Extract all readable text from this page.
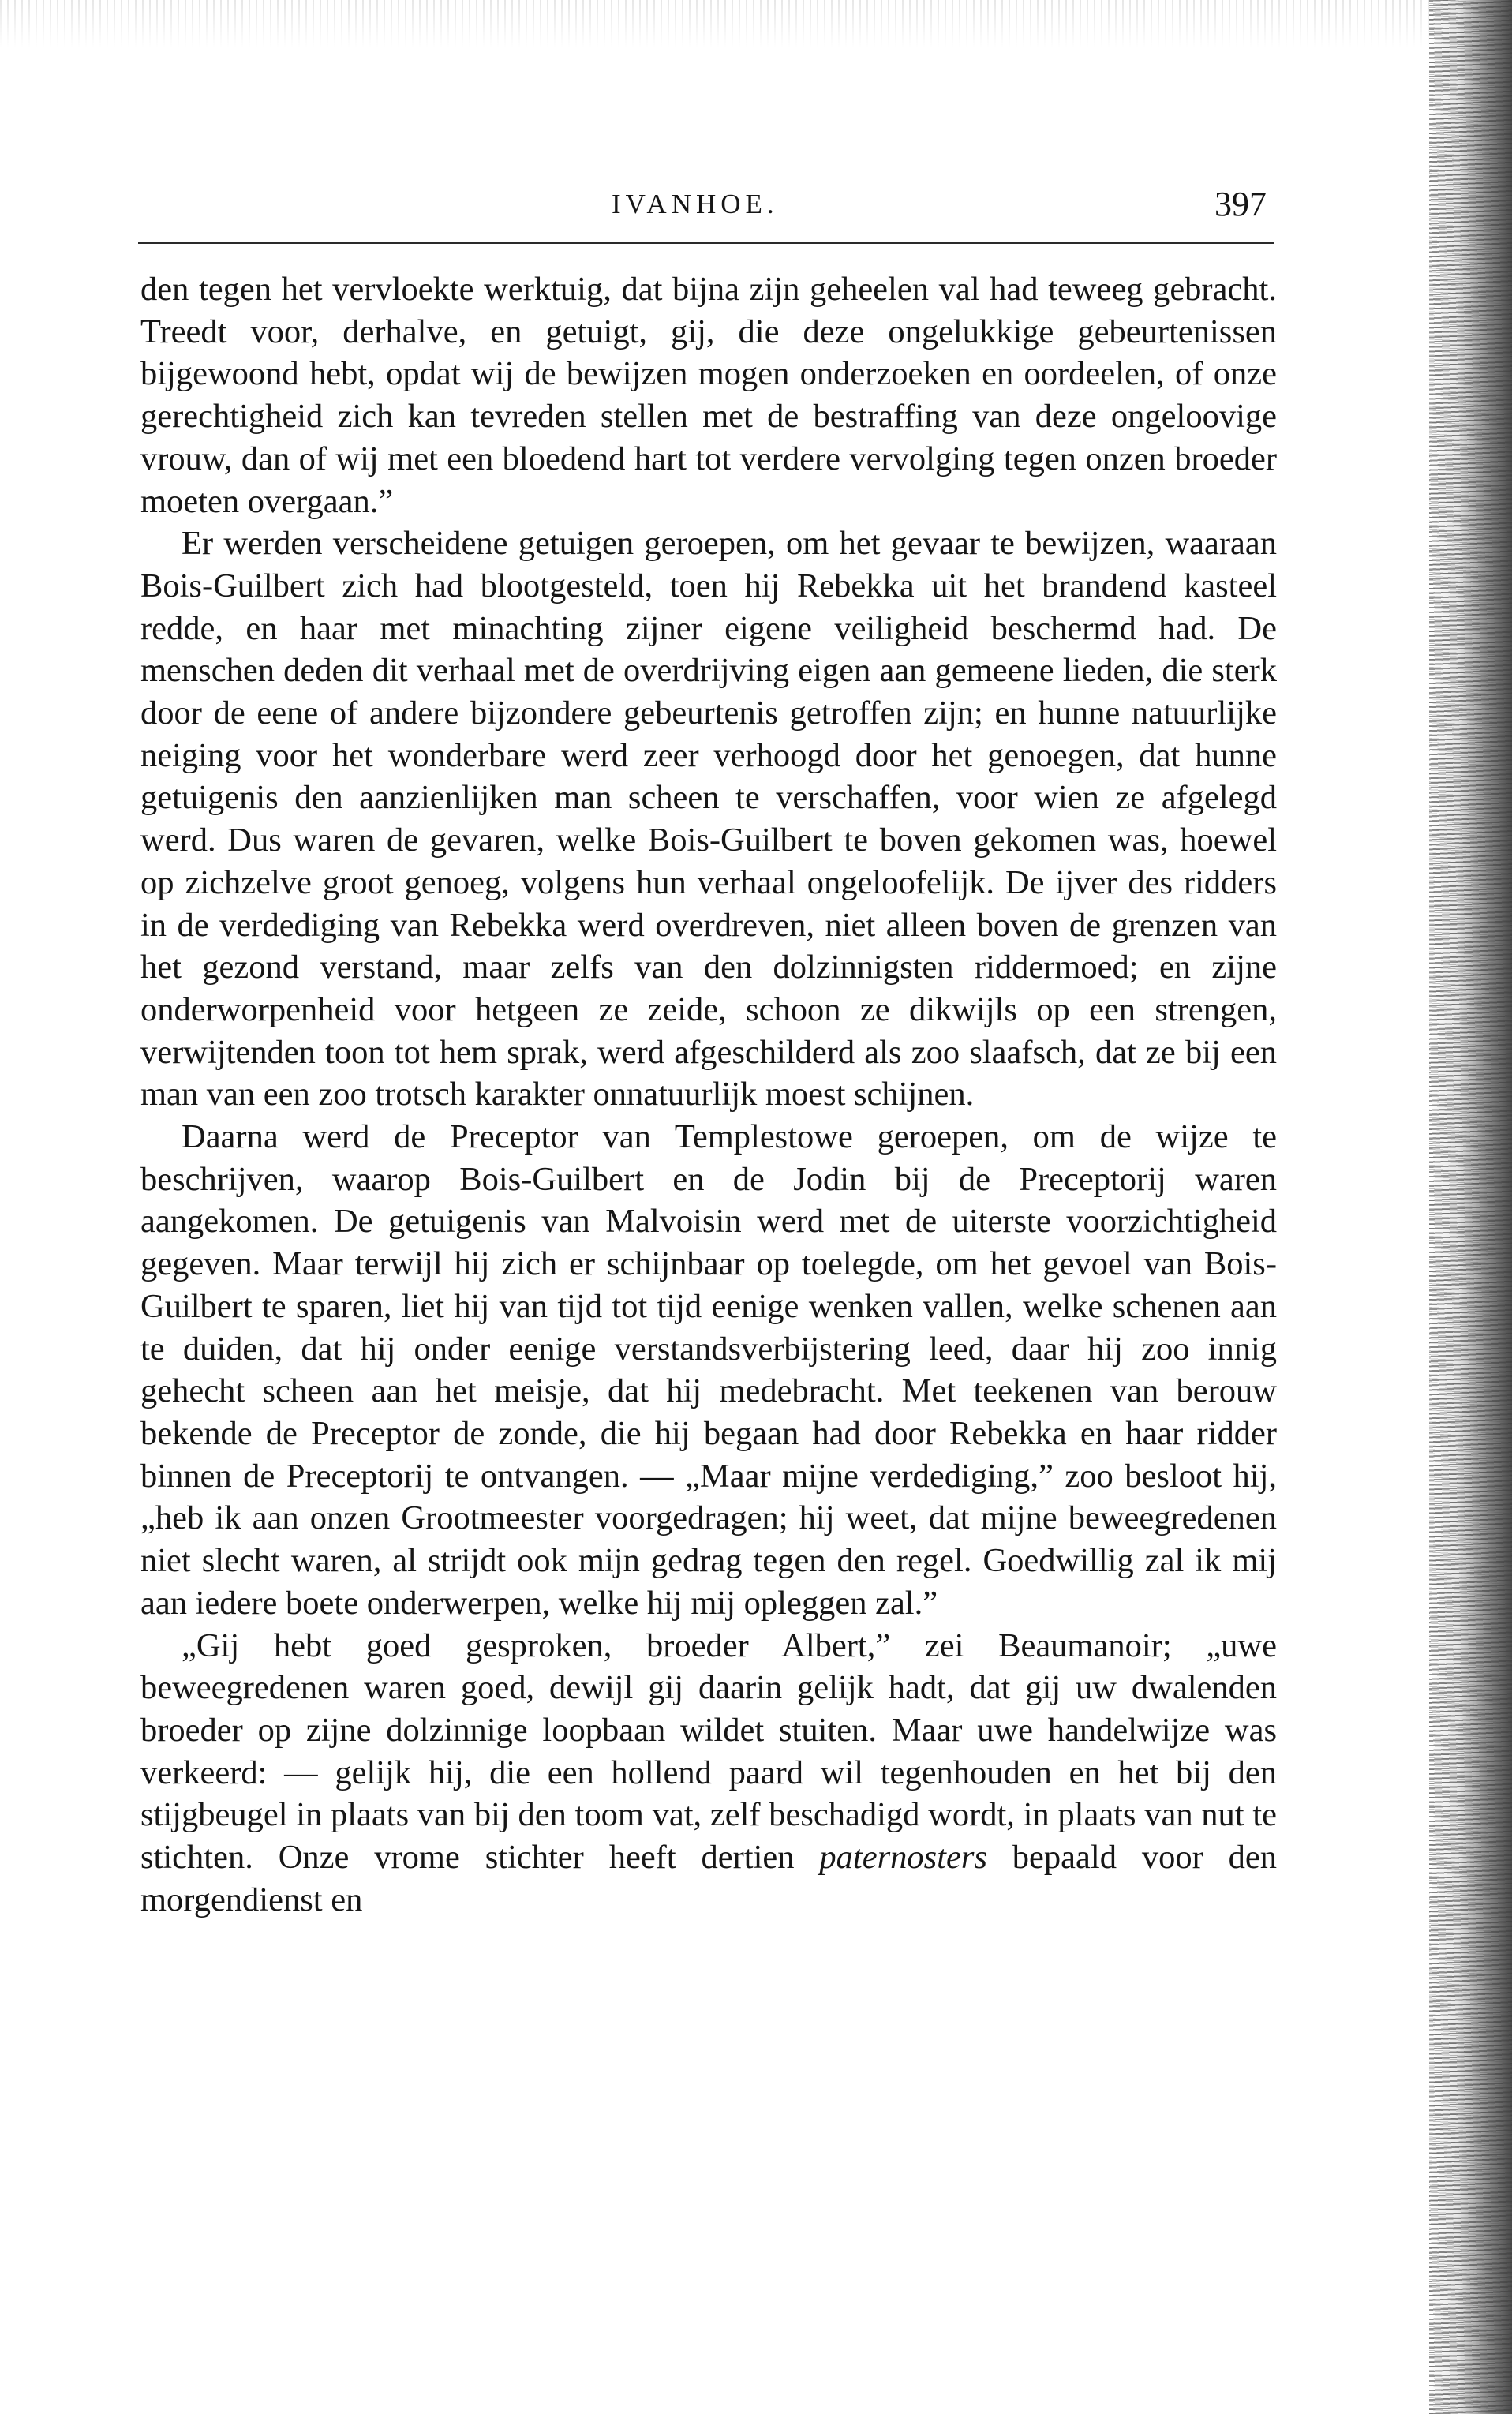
IVANHOE.	397

den tegen het vervloekte werktuig, dat bijna zijn geheelen val had teweeg gebracht. Treedt voor, derhalve, en getuigt, gij, die deze ongelukkige gebeurtenissen bijgewoond hebt, opdat wij de bewijzen mogen onderzoeken en oordeelen, of onze gerechtigheid zich kan tevreden stellen met de bestraffing van deze ongeloovige vrouw, dan of wij met een bloedend hart tot verdere vervolging tegen onzen broeder moeten overgaan.”

Er werden verscheidene getuigen geroepen, om het gevaar te bewijzen, waaraan Bois-Guilbert zich had blootgesteld, toen hij Rebekka uit het brandend kasteel redde, en haar met minachting zijner eigene veiligheid beschermd had. De menschen deden dit verhaal met de overdrijving eigen aan gemeene lieden, die sterk door de eene of andere bijzondere gebeurtenis getroffen zijn; en hunne natuurlijke neiging voor het wonderbare werd zeer verhoogd door het genoegen, dat hunne getuigenis den aanzienlijken man scheen te verschaffen, voor wien ze afgelegd werd. Dus waren de gevaren, welke Bois-Guilbert te boven gekomen was, hoewel op zichzelve groot genoeg, volgens hun verhaal ongeloofelijk. De ijver des ridders in de verdediging van Rebekka werd overdreven, niet alleen boven de grenzen van het gezond verstand, maar zelfs van den dolzinnigsten riddermoed; en zijne onderworpenheid voor hetgeen ze zeide, schoon ze dikwijls op een strengen, verwijtenden toon tot hem sprak, werd afgeschilderd als zoo slaafsch, dat ze bij een man van een zoo trotsch karakter onnatuurlijk moest schijnen.

Daarna werd de Preceptor van Templestowe geroepen, om de wijze te beschrijven, waarop Bois-Guilbert en de Jodin bij de Preceptorij waren aangekomen. De getuigenis van Malvoisin werd met de uiterste voorzichtigheid gegeven. Maar terwijl hij zich er schijnbaar op toelegde, om het gevoel van Bois-Guilbert te sparen, liet hij van tijd tot tijd eenige wenken vallen, welke schenen aan te duiden, dat hij onder eenige verstandsverbijstering leed, daar hij zoo innig gehecht scheen aan het meisje, dat hij medebracht. Met teekenen van berouw bekende de Preceptor de zonde, die hij begaan had door Rebekka en haar ridder binnen de Preceptorij te ontvangen. — „Maar mijne verdediging,” zoo besloot hij, „heb ik aan onzen Grootmeester voorgedragen; hij weet, dat mijne beweegredenen niet slecht waren, al strijdt ook mijn gedrag tegen den regel. Goedwillig zal ik mij aan iedere boete onderwerpen, welke hij mij opleggen zal.”

„Gij hebt goed gesproken, broeder Albert,” zei Beaumanoir; „uwe beweegredenen waren goed, dewijl gij daarin gelijk hadt, dat gij uw dwalenden broeder op zijne dolzinnige loopbaan wildet stuiten. Maar uwe handelwijze was verkeerd: — gelijk hij, die een hollend paard wil tegenhouden en het bij den stijgbeugel in plaats van bij den toom vat, zelf beschadigd wordt, in plaats van nut te stichten. Onze vrome stichter heeft dertien paternosters bepaald voor den morgendienst en
